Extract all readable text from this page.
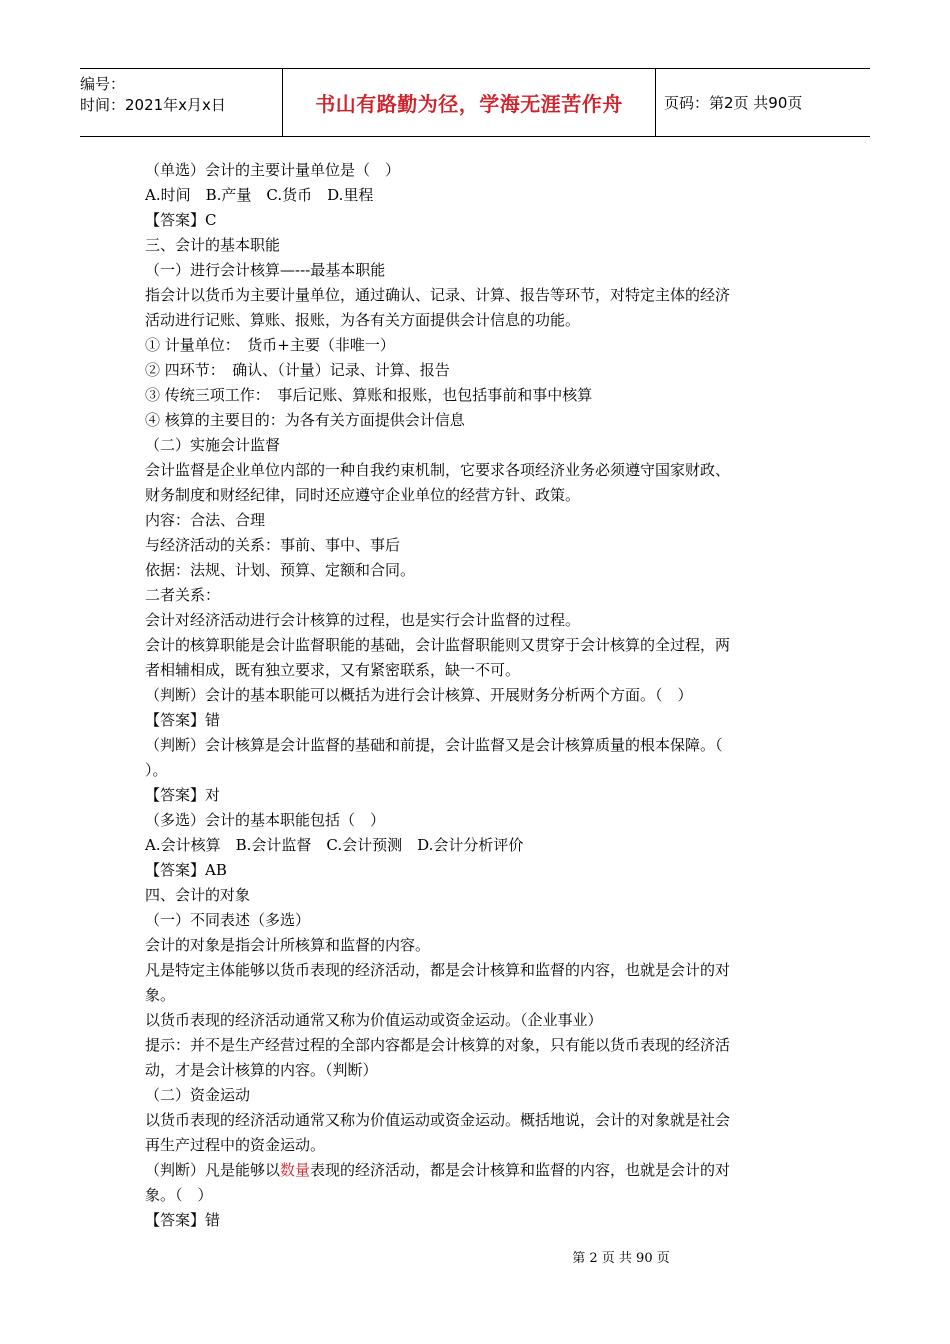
编号：
时间：2021年x月x日	书山有路勤为径，学海无涯苦作舟	页码：第2页 共90页
（单选）会计的主要计量单位是（　）
A.时间　B.产量　C.货币　D.里程
【答案】C
三、会计的基本职能
（一）进行会计核算—---最基本职能
指会计以货币为主要计量单位，通过确认、记录、计算、报告等环节，对特定主体的经济
活动进行记账、算账、报账，为各有关方面提供会计信息的功能。
① 计量单位：　货币+主要（非唯一）
② 四环节：　确认、（计量）记录、计算、报告
③ 传统三项工作：　事后记账、算账和报账，也包括事前和事中核算
④ 核算的主要目的：为各有关方面提供会计信息
（二）实施会计监督
会计监督是企业单位内部的一种自我约束机制，它要求各项经济业务必须遵守国家财政、
财务制度和财经纪律，同时还应遵守企业单位的经营方针、政策。
内容：合法、合理
与经济活动的关系：事前、事中、事后
依据：法规、计划、预算、定额和合同。
二者关系：
会计对经济活动进行会计核算的过程，也是实行会计监督的过程。
会计的核算职能是会计监督职能的基础，会计监督职能则又贯穿于会计核算的全过程，两
者相辅相成，既有独立要求，又有紧密联系，缺一不可。
（判断）会计的基本职能可以概括为进行会计核算、开展财务分析两个方面。（　）
【答案】错
（判断）会计核算是会计监督的基础和前提，会计监督又是会计核算质量的根本保障。（
）。
【答案】对
（多选）会计的基本职能包括（　）
A.会计核算　B.会计监督　C.会计预测　D.会计分析评价
【答案】AB
四、会计的对象
（一）不同表述（多选）
会计的对象是指会计所核算和监督的内容。
凡是特定主体能够以货币表现的经济活动，都是会计核算和监督的内容，也就是会计的对
象。
以货币表现的经济活动通常又称为价值运动或资金运动。（企业事业）
提示：并不是生产经营过程的全部内容都是会计核算的对象，只有能以货币表现的经济活
动，才是会计核算的内容。（判断）
（二）资金运动
以货币表现的经济活动通常又称为价值运动或资金运动。概括地说，会计的对象就是社会
再生产过程中的资金运动。
（判断）凡是能够以数量表现的经济活动，都是会计核算和监督的内容，也就是会计的对
象。（　）
【答案】错
第 2 页 共 90 页
